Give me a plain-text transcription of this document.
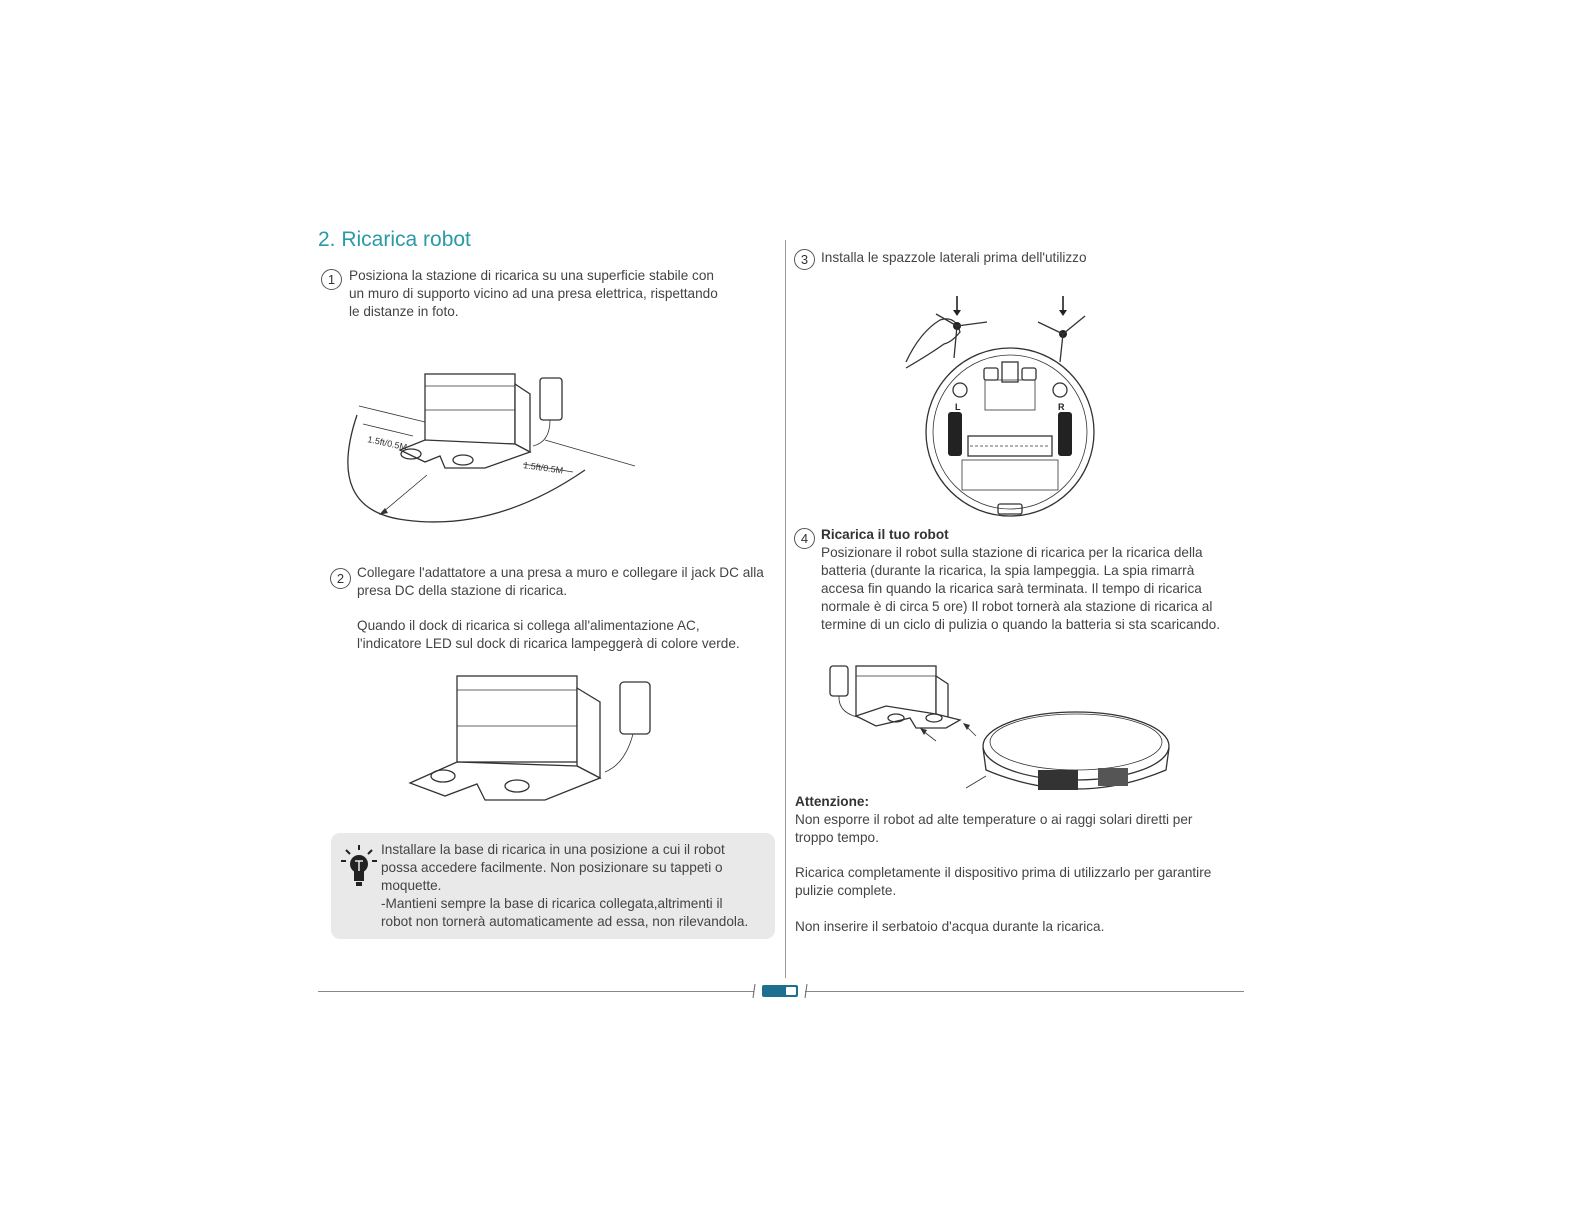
2. Ricarica robot
1	Posiziona la stazione di ricarica su una superficie stabile con
un muro di supporto vicino ad una presa elettrica, rispettando
le distanze in foto.
1.5ft/0.5M
1.5ft/0.5M
2 Collegare l'adattatore a una presa a muro e collegare il jack DC alla
presa DC della stazione di ricarica.
Quando il dock di ricarica si collega all'alimentazione AC,
l'indicatore LED sul dock di ricarica lampeggerà di colore verde.
Installare la base di ricarica in una posizione a cui il robot
possa accedere facilmente. Non posizionare su tappeti o
moquette.
-Mantieni sempre la base di ricarica collegata,altrimenti il
robot non tornerà automaticamente ad essa, non rilevandola.
3 Installa le spazzole laterali prima dell'utilizzo
L	R
4 Ricarica il tuo robot
Posizionare il robot sulla stazione di ricarica per la ricarica della
batteria (durante la ricarica, la spia lampeggia. La spia rimarrà
accesa fin quando la ricarica sarà terminata. Il tempo di ricarica
normale è di circa 5 ore) Il robot tornerà ala stazione di ricarica al
termine di un ciclo di pulizia o quando la batteria si sta scaricando.
Attenzione:
Non esporre il robot ad alte temperature o ai raggi solari diretti per
troppo tempo.
Ricarica completamente il dispositivo prima di utilizzarlo per garantire
pulizie complete.
Non inserire il serbatoio d'acqua durante la ricarica.
